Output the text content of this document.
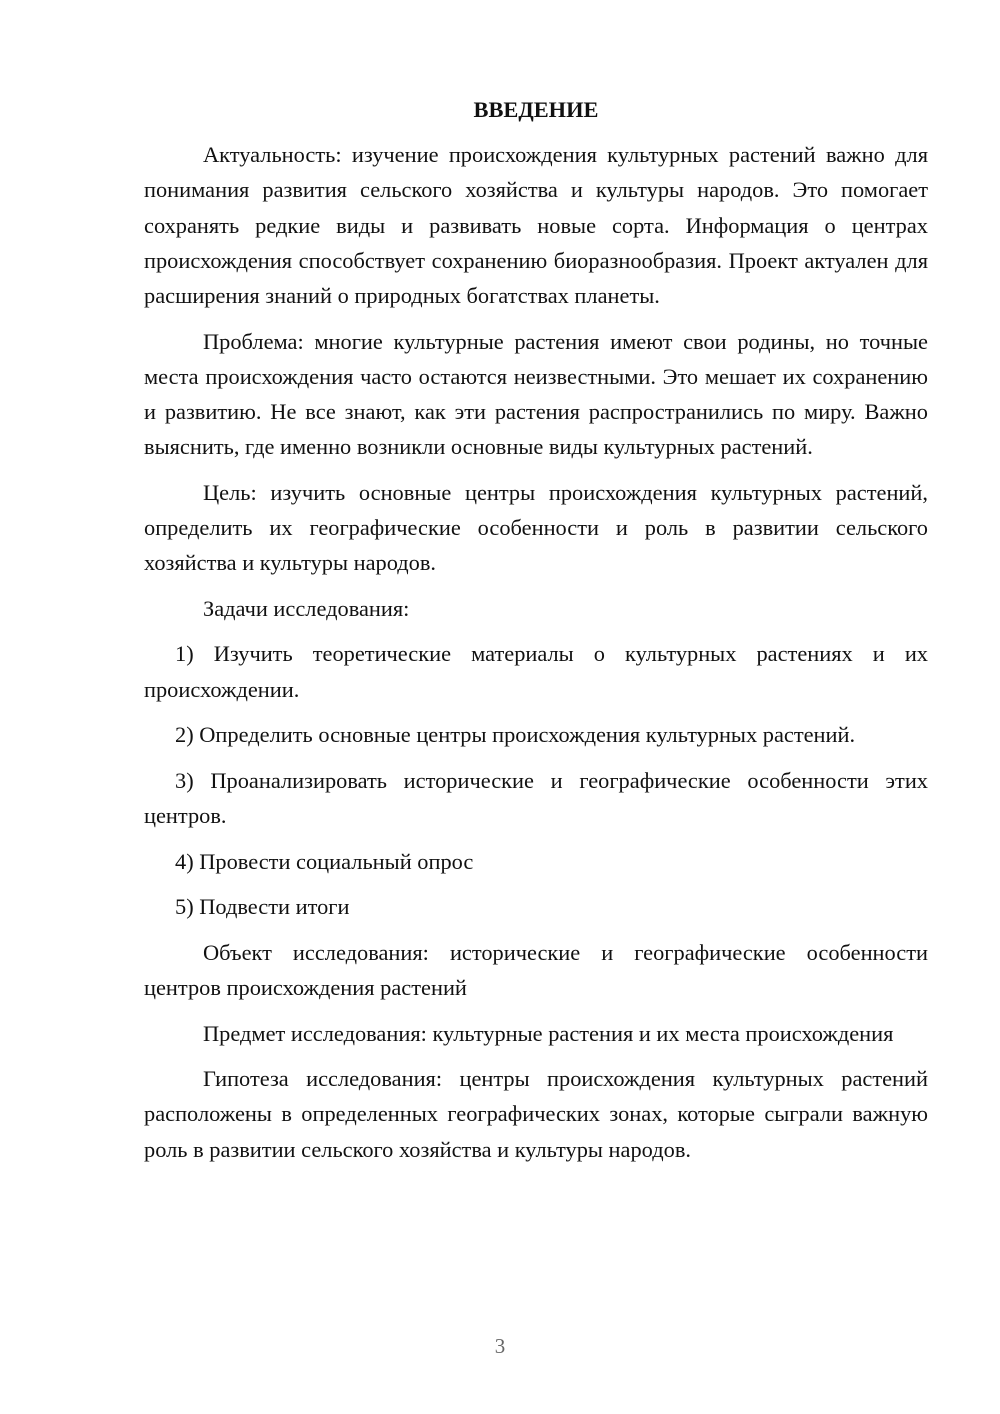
ВВЕДЕНИЕ

Актуальность: изучение происхождения культурных растений важно для понимания развития сельского хозяйства и культуры народов. Это помогает сохранять редкие виды и развивать новые сорта. Информация о центрах происхождения способствует сохранению биоразнообразия. Проект актуален для расширения знаний о природных богатствах планеты.

Проблема: многие культурные растения имеют свои родины, но точные места происхождения часто остаются неизвестными. Это мешает их сохранению и развитию. Не все знают, как эти растения распространились по миру. Важно выяснить, где именно возникли основные виды культурных растений.

Цель: изучить основные центры происхождения культурных растений, определить их географические особенности и роль в развитии сельского хозяйства и культуры народов.

Задачи исследования:

1) Изучить теоретические материалы о культурных растениях и их происхождении.

2) Определить основные центры происхождения культурных растений.

3) Проанализировать исторические и географические особенности этих центров.

4) Провести социальный опрос

5) Подвести итоги

Объект исследования: исторические и географические особенности центров происхождения растений

Предмет исследования: культурные растения и их места происхождения

Гипотеза исследования: центры происхождения культурных растений расположены в определенных географических зонах, которые сыграли важную роль в развитии сельского хозяйства и культуры народов.

3
